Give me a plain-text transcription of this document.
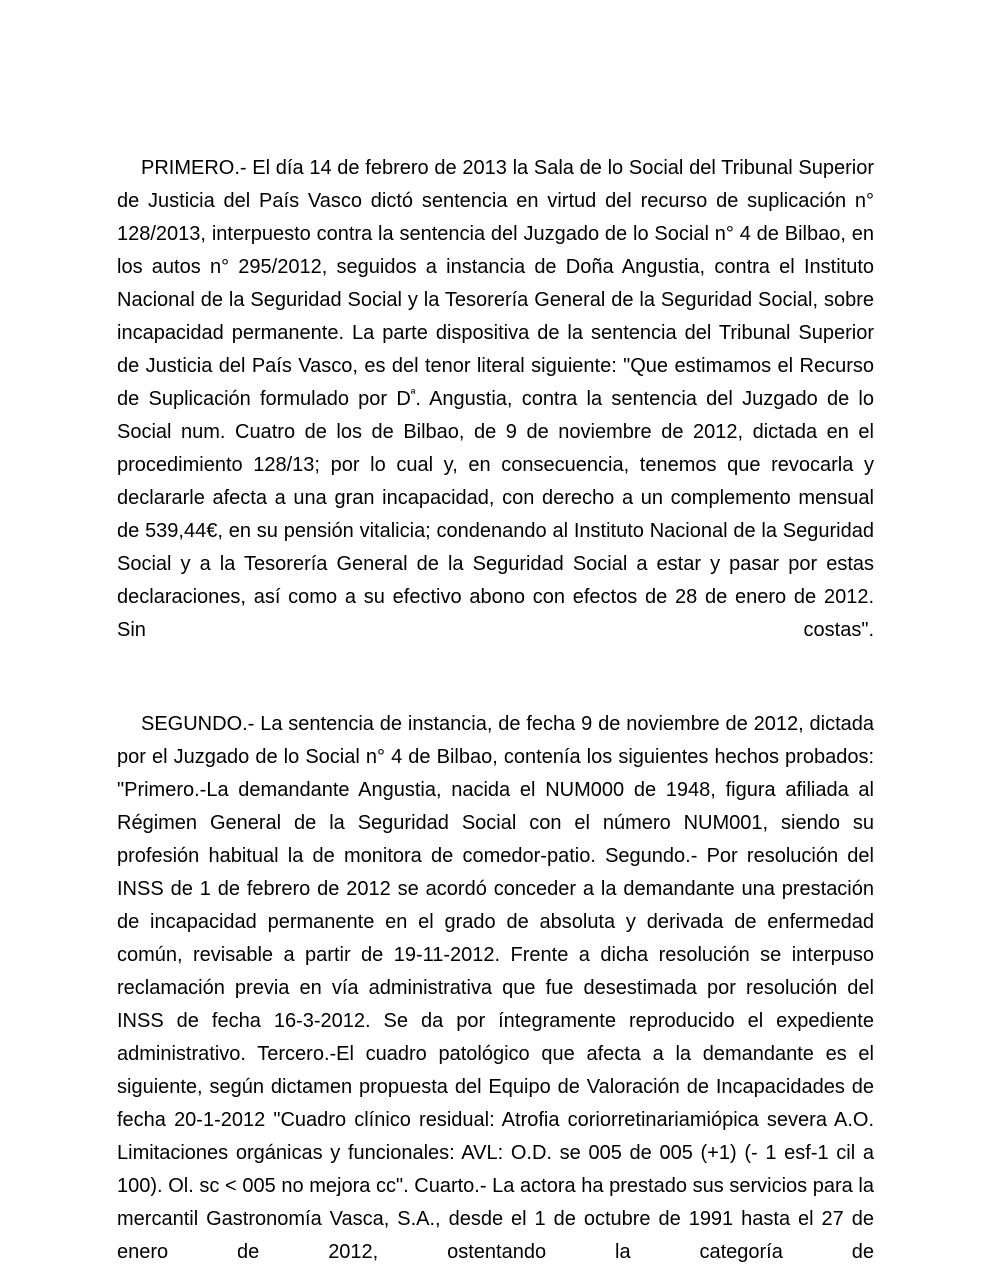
PRIMERO.- El día 14 de febrero de 2013 la Sala de lo Social del Tribunal Superior de Justicia del País Vasco dictó sentencia en virtud del recurso de suplicación n° 128/2013, interpuesto contra la sentencia del Juzgado de lo Social n° 4 de Bilbao, en los autos n° 295/2012, seguidos a instancia de Doña Angustia, contra el Instituto Nacional de la Seguridad Social y la Tesorería General de la Seguridad Social, sobre incapacidad permanente. La parte dispositiva de la sentencia del Tribunal Superior de Justicia del País Vasco, es del tenor literal siguiente: "Que estimamos el Recurso de Suplicación formulado por $D^ª$. Angustia, contra la sentencia del Juzgado de lo Social num. Cuatro de los de Bilbao, de 9 de noviembre de 2012, dictada en el procedimiento 128/13; por lo cual y, en consecuencia, tenemos que revocarla y declararle afecta a una gran incapacidad, con derecho a un complemento mensual de 539,44€, en su pensión vitalicia; condenando al Instituto Nacional de la Seguridad Social y a la Tesorería General de la Seguridad Social a estar y pasar por estas declaraciones, así como a su efectivo abono con efectos de 28 de enero de 2012. Sin costas".

SEGUNDO.- La sentencia de instancia, de fecha 9 de noviembre de 2012, dictada por el Juzgado de lo Social n° 4 de Bilbao, contenía los siguientes hechos probados: "Primero.-La demandante Angustia, nacida el NUM000 de 1948, figura afiliada al Régimen General de la Seguridad Social con el número NUM001, siendo su profesión habitual la de monitora de comedor-patio. Segundo.- Por resolución del INSS de 1 de febrero de 2012 se acordó conceder a la demandante una prestación de incapacidad permanente en el grado de absoluta y derivada de enfermedad común, revisable a partir de 19-11-2012. Frente a dicha resolución se interpuso reclamación previa en vía administrativa que fue desestimada por resolución del INSS de fecha 16-3-2012. Se da por íntegramente reproducido el expediente administrativo. Tercero.-El cuadro patológico que afecta a la demandante es el siguiente, según dictamen propuesta del Equipo de Valoración de Incapacidades de fecha 20-1-2012 "Cuadro clínico residual: Atrofia coriorretinariamiópica severa A.O. Limitaciones orgánicas y funcionales: AVL: O.D. se 005 de 005 (+1) (- 1 esf-1 cil a 100). Ol. sc < 005 no mejora cc". Cuarto.- La actora ha prestado sus servicios para la mercantil Gastronomía Vasca, S.A., desde el 1 de octubre de 1991 hasta el 27 de enero de 2012, ostentando la categoría de
